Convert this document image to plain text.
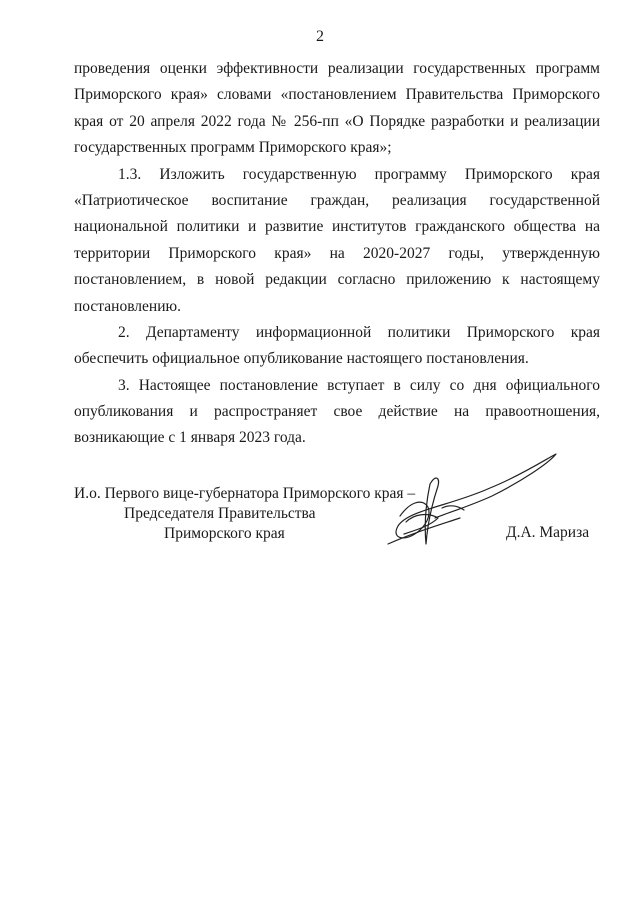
2
проведения оценки эффективности реализации государственных программ
Приморского края» словами «постановлением Правительства Приморского
края от 20 апреля 2022 года № 256-пп «О Порядке разработки и реализации
государственных программ Приморского края»;
1.3. Изложить государственную программу Приморского края
«Патриотическое воспитание граждан, реализация государственной
национальной политики и развитие институтов гражданского общества на
территории Приморского края» на 2020-2027 годы, утвержденную
постановлением, в новой редакции согласно приложению к настоящему
постановлению.
2. Департаменту информационной политики Приморского края
обеспечить официальное опубликование настоящего постановления.
3. Настоящее постановление вступает в силу со дня официального
опубликования и распространяет свое действие на правоотношения,
возникающие с 1 января 2023 года.
И.о. Первого вице-губернатора Приморского края –
Председателя Правительства
Приморского края	Д.А. Мариза
